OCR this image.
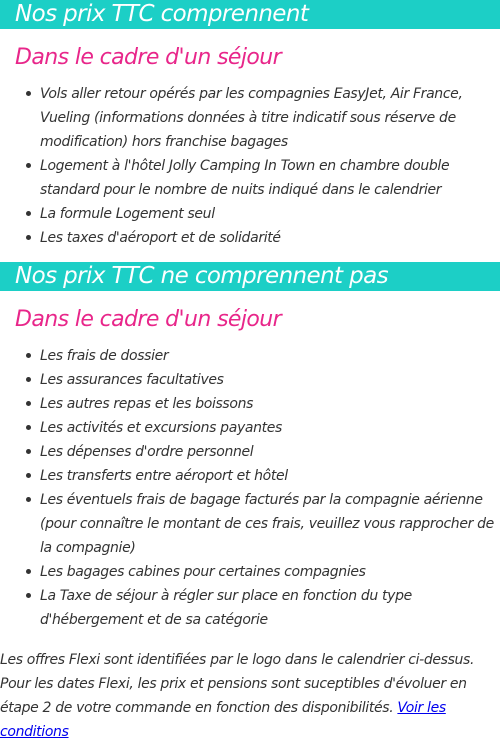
Nos prix TTC comprennent
Dans le cadre d'un séjour
Vols aller retour opérés par les compagnies EasyJet, Air France, Vueling (informations données à titre indicatif sous réserve de modification) hors franchise bagages
Logement à l'hôtel Jolly Camping In Town en chambre double standard pour le nombre de nuits indiqué dans le calendrier
La formule Logement seul
Les taxes d'aéroport et de solidarité
Nos prix TTC ne comprennent pas
Dans le cadre d'un séjour
Les frais de dossier
Les assurances facultatives
Les autres repas et les boissons
Les activités et excursions payantes
Les dépenses d'ordre personnel
Les transferts entre aéroport et hôtel
Les éventuels frais de bagage facturés par la compagnie aérienne (pour connaître le montant de ces frais, veuillez vous rapprocher de la compagnie)
Les bagages cabines pour certaines compagnies
La Taxe de séjour à régler sur place en fonction du type d'hébergement et de sa catégorie

Les offres Flexi sont identifiées par le logo dans le calendrier ci-dessus. Pour les dates Flexi, les prix et pensions sont suceptibles d'évoluer en étape 2 de votre commande en fonction des disponibilités. Voir les conditions
